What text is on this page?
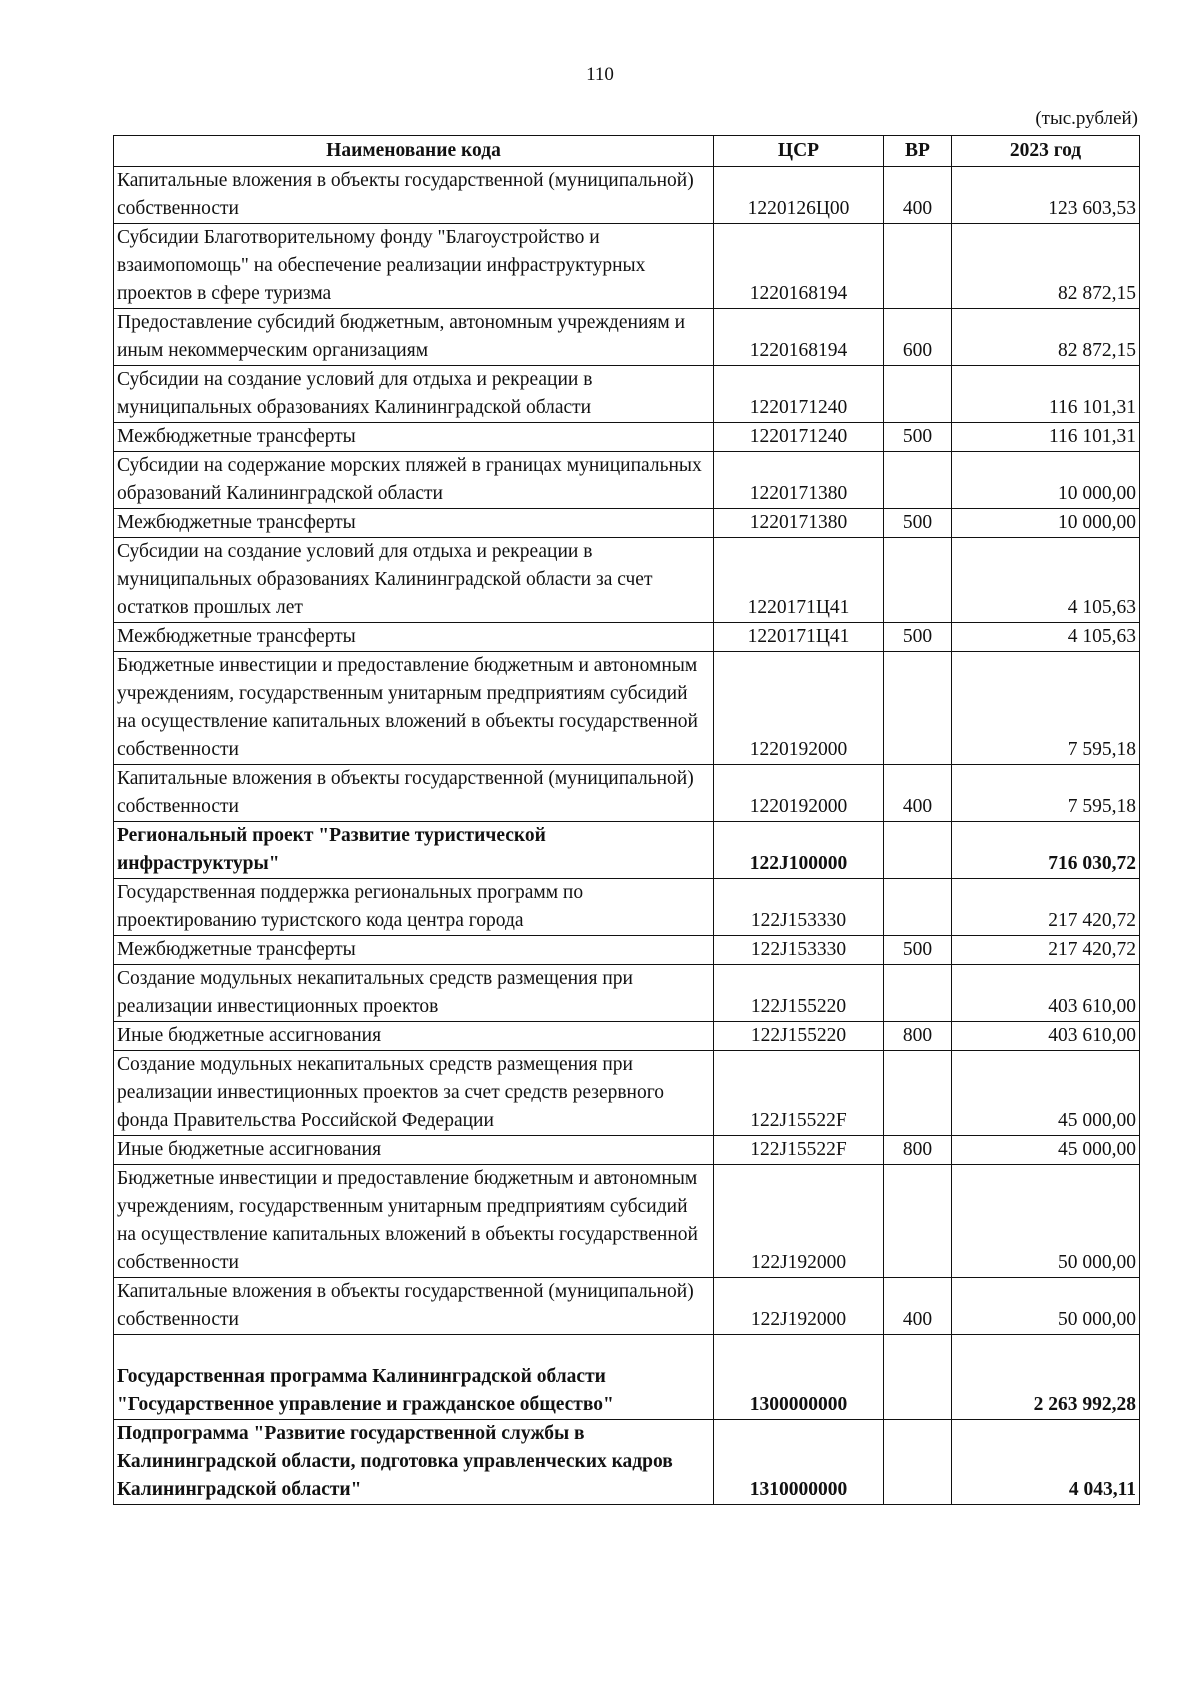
110
(тыс.рублей)
Наименование кода	ЦСР	ВР	2023 год
Капитальные вложения в объекты государственной (муниципальной) собственности	1220126Ц00	400	123 603,53
Субсидии Благотворительному фонду "Благоустройство и взаимопомощь" на обеспечение реализации инфраструктурных проектов в сфере туризма	1220168194		82 872,15
Предоставление субсидий бюджетным, автономным учреждениям и иным некоммерческим организациям	1220168194	600	82 872,15
Субсидии на создание условий для отдыха и рекреации в муниципальных образованиях Калининградской области	1220171240		116 101,31
Межбюджетные трансферты	1220171240	500	116 101,31
Субсидии на содержание морских пляжей в границах муниципальных образований Калининградской области	1220171380		10 000,00
Межбюджетные трансферты	1220171380	500	10 000,00
Субсидии на создание условий для отдыха и рекреации в муниципальных образованиях Калининградской области за счет остатков прошлых лет	1220171Ц41		4 105,63
Межбюджетные трансферты	1220171Ц41	500	4 105,63
Бюджетные инвестиции и предоставление бюджетным и автономным учреждениям, государственным унитарным предприятиям субсидий на осуществление капитальных вложений в объекты государственной собственности	1220192000		7 595,18
Капитальные вложения в объекты государственной (муниципальной) собственности	1220192000	400	7 595,18
Региональный проект "Развитие туристической инфраструктуры"	122J100000		716 030,72
Государственная поддержка региональных программ по проектированию туристского кода центра города	122J153330		217 420,72
Межбюджетные трансферты	122J153330	500	217 420,72
Создание модульных некапитальных средств размещения при реализации инвестиционных проектов	122J155220		403 610,00
Иные бюджетные ассигнования	122J155220	800	403 610,00
Создание модульных некапитальных средств размещения при реализации инвестиционных проектов за счет средств резервного фонда Правительства Российской Федерации	122J15522F		45 000,00
Иные бюджетные ассигнования	122J15522F	800	45 000,00
Бюджетные инвестиции и предоставление бюджетным и автономным учреждениям, государственным унитарным предприятиям субсидий на осуществление капитальных вложений в объекты государственной собственности	122J192000		50 000,00
Капитальные вложения в объекты государственной (муниципальной) собственности	122J192000	400	50 000,00
Государственная программа Калининградской области "Государственное управление и гражданское общество"	1300000000		2 263 992,28
Подпрограмма "Развитие государственной службы в Калининградской области, подготовка управленческих кадров Калининградской области"	1310000000		4 043,11
